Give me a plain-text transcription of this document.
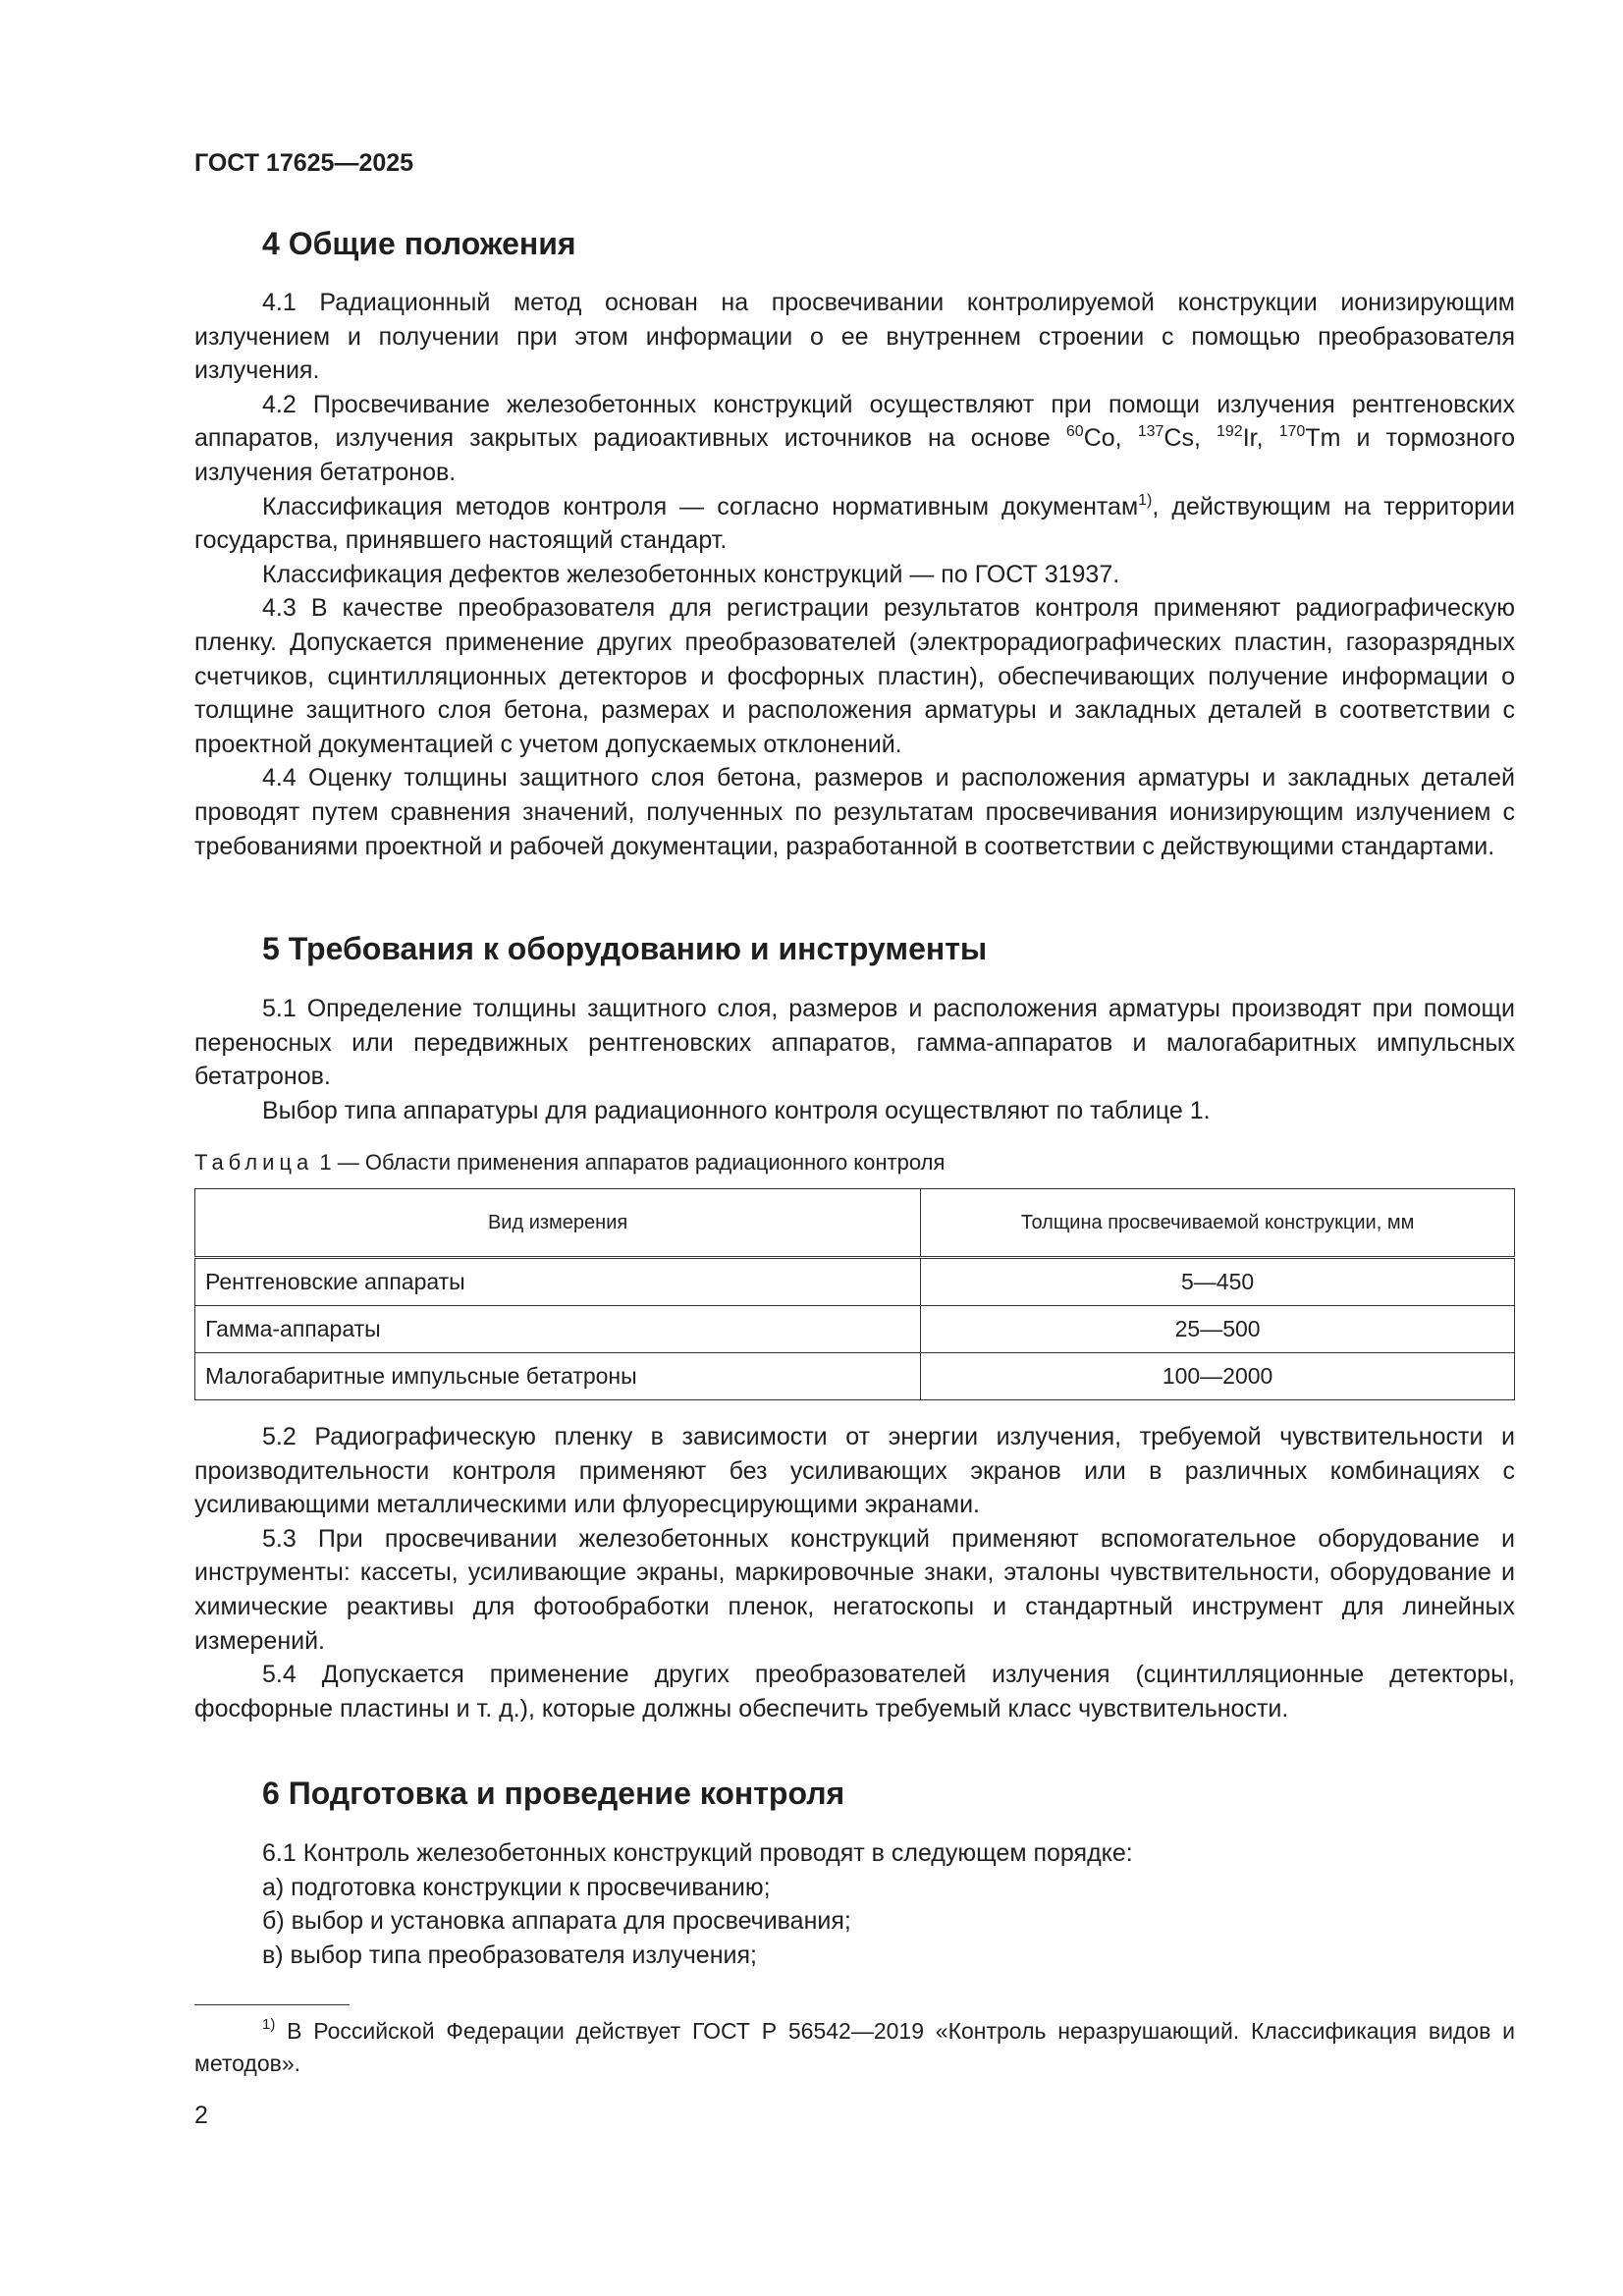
ГОСТ 17625—2025
4 Общие положения

4.1 Радиационный метод основан на просвечивании контролируемой конструкции ионизирующим излучением и получении при этом информации о ее внутреннем строении с помощью преобразователя излучения.

4.2 Просвечивание железобетонных конструкций осуществляют при помощи излучения рентгеновских аппаратов, излучения закрытых радиоактивных источников на основе $^{60}$Co, $^{137}$Cs, $^{192}$Ir, $^{170}$Tm и тормозного излучения бетатронов.

Классификация методов контроля — согласно нормативным документам$^{1)}$, действующим на территории государства, принявшего настоящий стандарт.

Классификация дефектов железобетонных конструкций — по ГОСТ 31937.

4.3 В качестве преобразователя для регистрации результатов контроля применяют радиографическую пленку. Допускается применение других преобразователей (электрорадиографических пластин, газоразрядных счетчиков, сцинтилляционных детекторов и фосфорных пластин), обеспечивающих получение информации о толщине защитного слоя бетона, размерах и расположения арматуры и закладных деталей в соответствии с проектной документацией с учетом допускаемых отклонений.

4.4 Оценку толщины защитного слоя бетона, размеров и расположения арматуры и закладных деталей проводят путем сравнения значений, полученных по результатам просвечивания ионизирующим излучением с требованиями проектной и рабочей документации, разработанной в соответствии с действующими стандартами.

5 Требования к оборудованию и инструменты

5.1 Определение толщины защитного слоя, размеров и расположения арматуры производят при помощи переносных или передвижных рентгеновских аппаратов, гамма-аппаратов и малогабаритных импульсных бетатронов.

Выбор типа аппаратуры для радиационного контроля осуществляют по таблице 1.

Таблица 1 — Области применения аппаратов радиационного контроля
Вид измерения	Толщина просвечиваемой конструкции, мм
Рентгеновские аппараты	5—450
Гамма-аппараты	25—500
Малогабаритные импульсные бетатроны	100—2000

5.2 Радиографическую пленку в зависимости от энергии излучения, требуемой чувствительности и производительности контроля применяют без усиливающих экранов или в различных комбинациях с усиливающими металлическими или флуоресцирующими экранами.

5.3 При просвечивании железобетонных конструкций применяют вспомогательное оборудование и инструменты: кассеты, усиливающие экраны, маркировочные знаки, эталоны чувствительности, оборудование и химические реактивы для фотообработки пленок, негатоскопы и стандартный инструмент для линейных измерений.

5.4 Допускается применение других преобразователей излучения (сцинтилляционные детекторы, фосфорные пластины и т. д.), которые должны обеспечить требуемый класс чувствительности.

6 Подготовка и проведение контроля

6.1 Контроль железобетонных конструкций проводят в следующем порядке:

а) подготовка конструкции к просвечиванию;

б) выбор и установка аппарата для просвечивания;

в) выбор типа преобразователя излучения;

$^{1)}$ В Российской Федерации действует ГОСТ Р 56542—2019 «Контроль неразрушающий. Классификация видов и методов».

2
